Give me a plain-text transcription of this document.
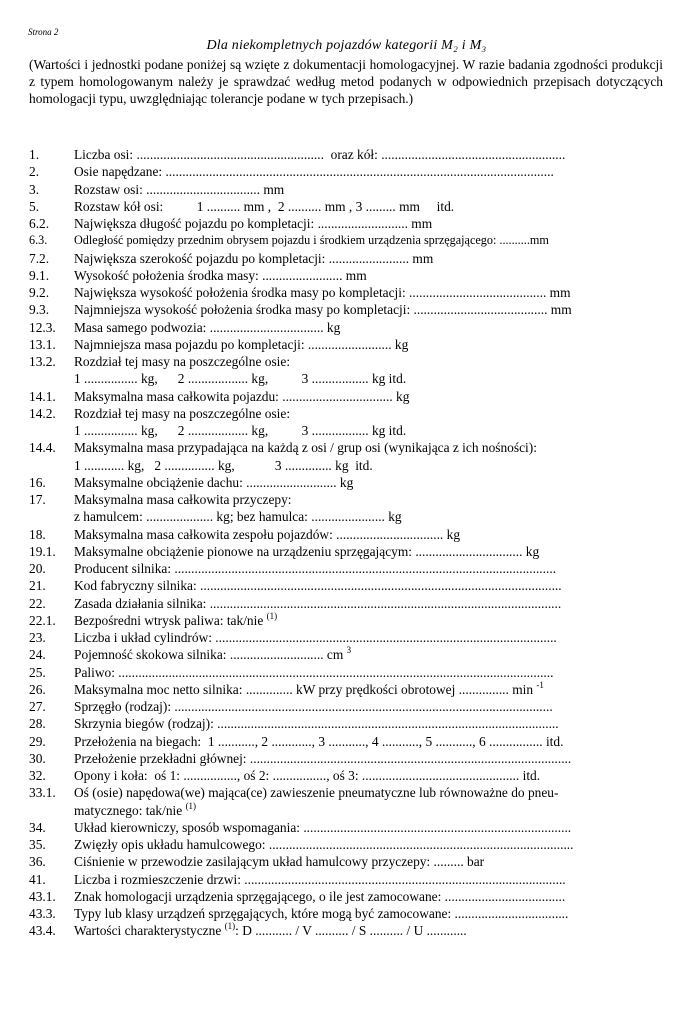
Strona 2
Dla niekompletnych pojazdów kategorii M₂ i M₃
(Wartości i jednostki podane poniżej są wzięte z dokumentacji homologacyjnej. W razie badania zgodności produkcji z typem homologowanym należy je sprawdzać według metod podanych w odpowiednich przepisach dotyczących homologacji typu, uwzględniając tolerancje podane w tych przepisach.)
1.	Liczba osi: ........................................................  oraz kół: .......................................................
2.	Osie napędzane: ....................................................................................................................
3.	Rozstaw osi: .................................. mm
5.	Rozstaw kół osi:          1 .......... mm ,  2 .......... mm , 3 ......... mm     itd.
6.2. Największa długość pojazdu po kompletacji: ........................... mm
6.3. Odległość pomiędzy przednim obrysem pojazdu i środkiem urządzenia sprzęgającego: ..........mm
7.2. Największa szerokość pojazdu po kompletacji: ........................ mm
9.1. Wysokość położenia środka masy: ........................ mm
9.2. Największa wysokość położenia środka masy po kompletacji: ......................................... mm
9.3. Najmniejsza wysokość położenia środka masy po kompletacji: ........................................ mm
12.3. Masa samego podwozia: .................................. kg
13.1. Najmniejsza masa pojazdu po kompletacji: ......................... kg
13.2. Rozdział tej masy na poszczególne osie:
1 ................ kg,      2 .................. kg,          3 ................. kg itd.
14.1. Maksymalna masa całkowita pojazdu: ................................. kg
14.2. Rozdział tej masy na poszczególne osie:
1 ................ kg,      2 .................. kg,          3 ................. kg itd.
14.4. Maksymalna masa przypadająca na każdą z osi / grup osi (wynikająca z ich nośności):
1 ............ kg,   2 ............... kg,            3 .............. kg  itd.
16. Maksymalne obciążenie dachu: ........................... kg
17. Maksymalna masa całkowita przyczepy:
z hamulcem: .................... kg; bez hamulca: ...................... kg
18. Maksymalna masa całkowita zespołu pojazdów: ................................ kg
19.1. Maksymalne obciążenie pionowe na urządzeniu sprzęgającym: ................................ kg
20. Producent silnika: ..................................................................................................................
21. Kod fabryczny silnika: ............................................................................................................
22. Zasada działania silnika: .........................................................................................................
22.1. Bezpośredni wtrysk paliwa: tak/nie $^{(1)}$
23. Liczba i układ cylindrów: ......................................................................................................
24. Pojemność skokowa silnika: ............................ cm $^3$
25. Paliwo: ..................................................................................................................................
26. Maksymalna moc netto silnika: .............. kW przy prędkości obrotowej ............... min $^{-1}$
27. Sprzęgło (rodzaj): .................................................................................................................
28. Skrzynia biegów (rodzaj): ......................................................................................................
29. Przełożenia na biegach:  1 ..........., 2 ............, 3 ..........., 4 ..........., 5 ..........., 6 ................ itd.
30. Przełożenie przekładni głównej: ................................................................................................
32. Opony i koła:  oś 1: ................, oś 2: ................, oś 3: ............................................... itd.
33.1. Oś (osie) napędowa(we) mająca(ce) zawieszenie pneumatyczne lub równoważne do pneu-
matycznego: tak/nie $^{(1)}$
34. Układ kierowniczy, sposób wspomagania: ................................................................................
35. Zwięzły opis układu hamulcowego: ...........................................................................................
36. Ciśnienie w przewodzie zasilającym układ hamulcowy przyczepy: ......... bar
41. Liczba i rozmieszczenie drzwi: ................................................................................................
43.1. Znak homologacji urządzenia sprzęgającego, o ile jest zamocowane: ....................................
43.3. Typy lub klasy urządzeń sprzęgających, które mogą być zamocowane: ..................................
43.4. Wartości charakterystyczne $^{(1)}$: D ........... / V .......... / S .......... / U ............
